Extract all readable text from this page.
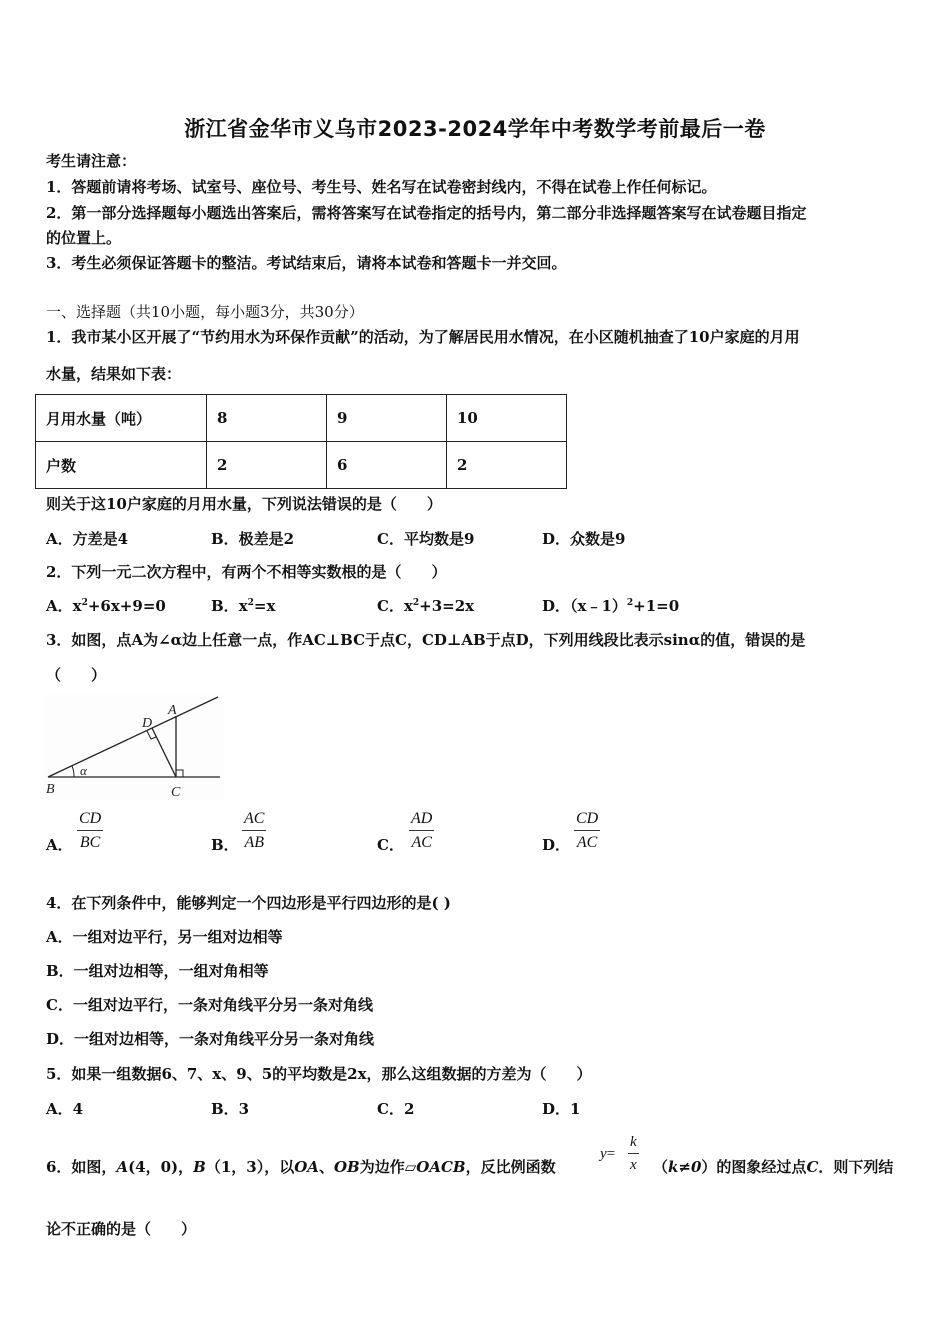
浙江省金华市义乌市2023-2024学年中考数学考前最后一卷
考生请注意：
1．答题前请将考场、试室号、座位号、考生号、姓名写在试卷密封线内，不得在试卷上作任何标记。
2．第一部分选择题每小题选出答案后，需将答案写在试卷指定的括号内，第二部分非选择题答案写在试卷题目指定
的位置上。
3．考生必须保证答题卡的整洁。考试结束后，请将本试卷和答题卡一并交回。
一、选择题（共10小题，每小题3分，共30分）
1．我市某小区开展了“节约用水为环保作贡献”的活动，为了解居民用水情况，在小区随机抽查了10户家庭的月用
水量，结果如下表：
月用水量（吨）	8	9	10
户数	2	6	2
则关于这10户家庭的月用水量，下列说法错误的是（　　）
A．方差是4	B．极差是2	C．平均数是9	D．众数是9
2．下列一元二次方程中，有两个不相等实数根的是（　　）
A．$x^2+6x+9=0$	B．$x^2=x$	C．$x^2+3=2x$	D．（x﹣1）$^2$+1=0
3．如图，点A为∠α边上任意一点，作AC⊥BC于点C，CD⊥AB于点D，下列用线段比表示sinα的值，错误的是
（　　）
B	C
A
D
α
A． $\frac{CD}{BC}$	B． $\frac{AC}{AB}$	C． $\frac{AD}{AC}$	D． $\frac{CD}{AC}$
4．在下列条件中，能够判定一个四边形是平行四边形的是( )
A．一组对边平行，另一组对边相等
B．一组对边相等，一组对角相等
C．一组对边平行，一条对角线平分另一条对角线
D．一组对边相等，一条对角线平分另一条对角线
5．如果一组数据6、7、x、9、5的平均数是2x，那么这组数据的方差为（　　）
A．4	B．3	C．2	D．1
6．如图，A(4，0)，B（1，3），以OA、OB为边作▱OACB，反比例函数
$y= \frac{k}{x} (k\ne 0)$的图象经过点C．则下列结
论不正确的是（　　）
